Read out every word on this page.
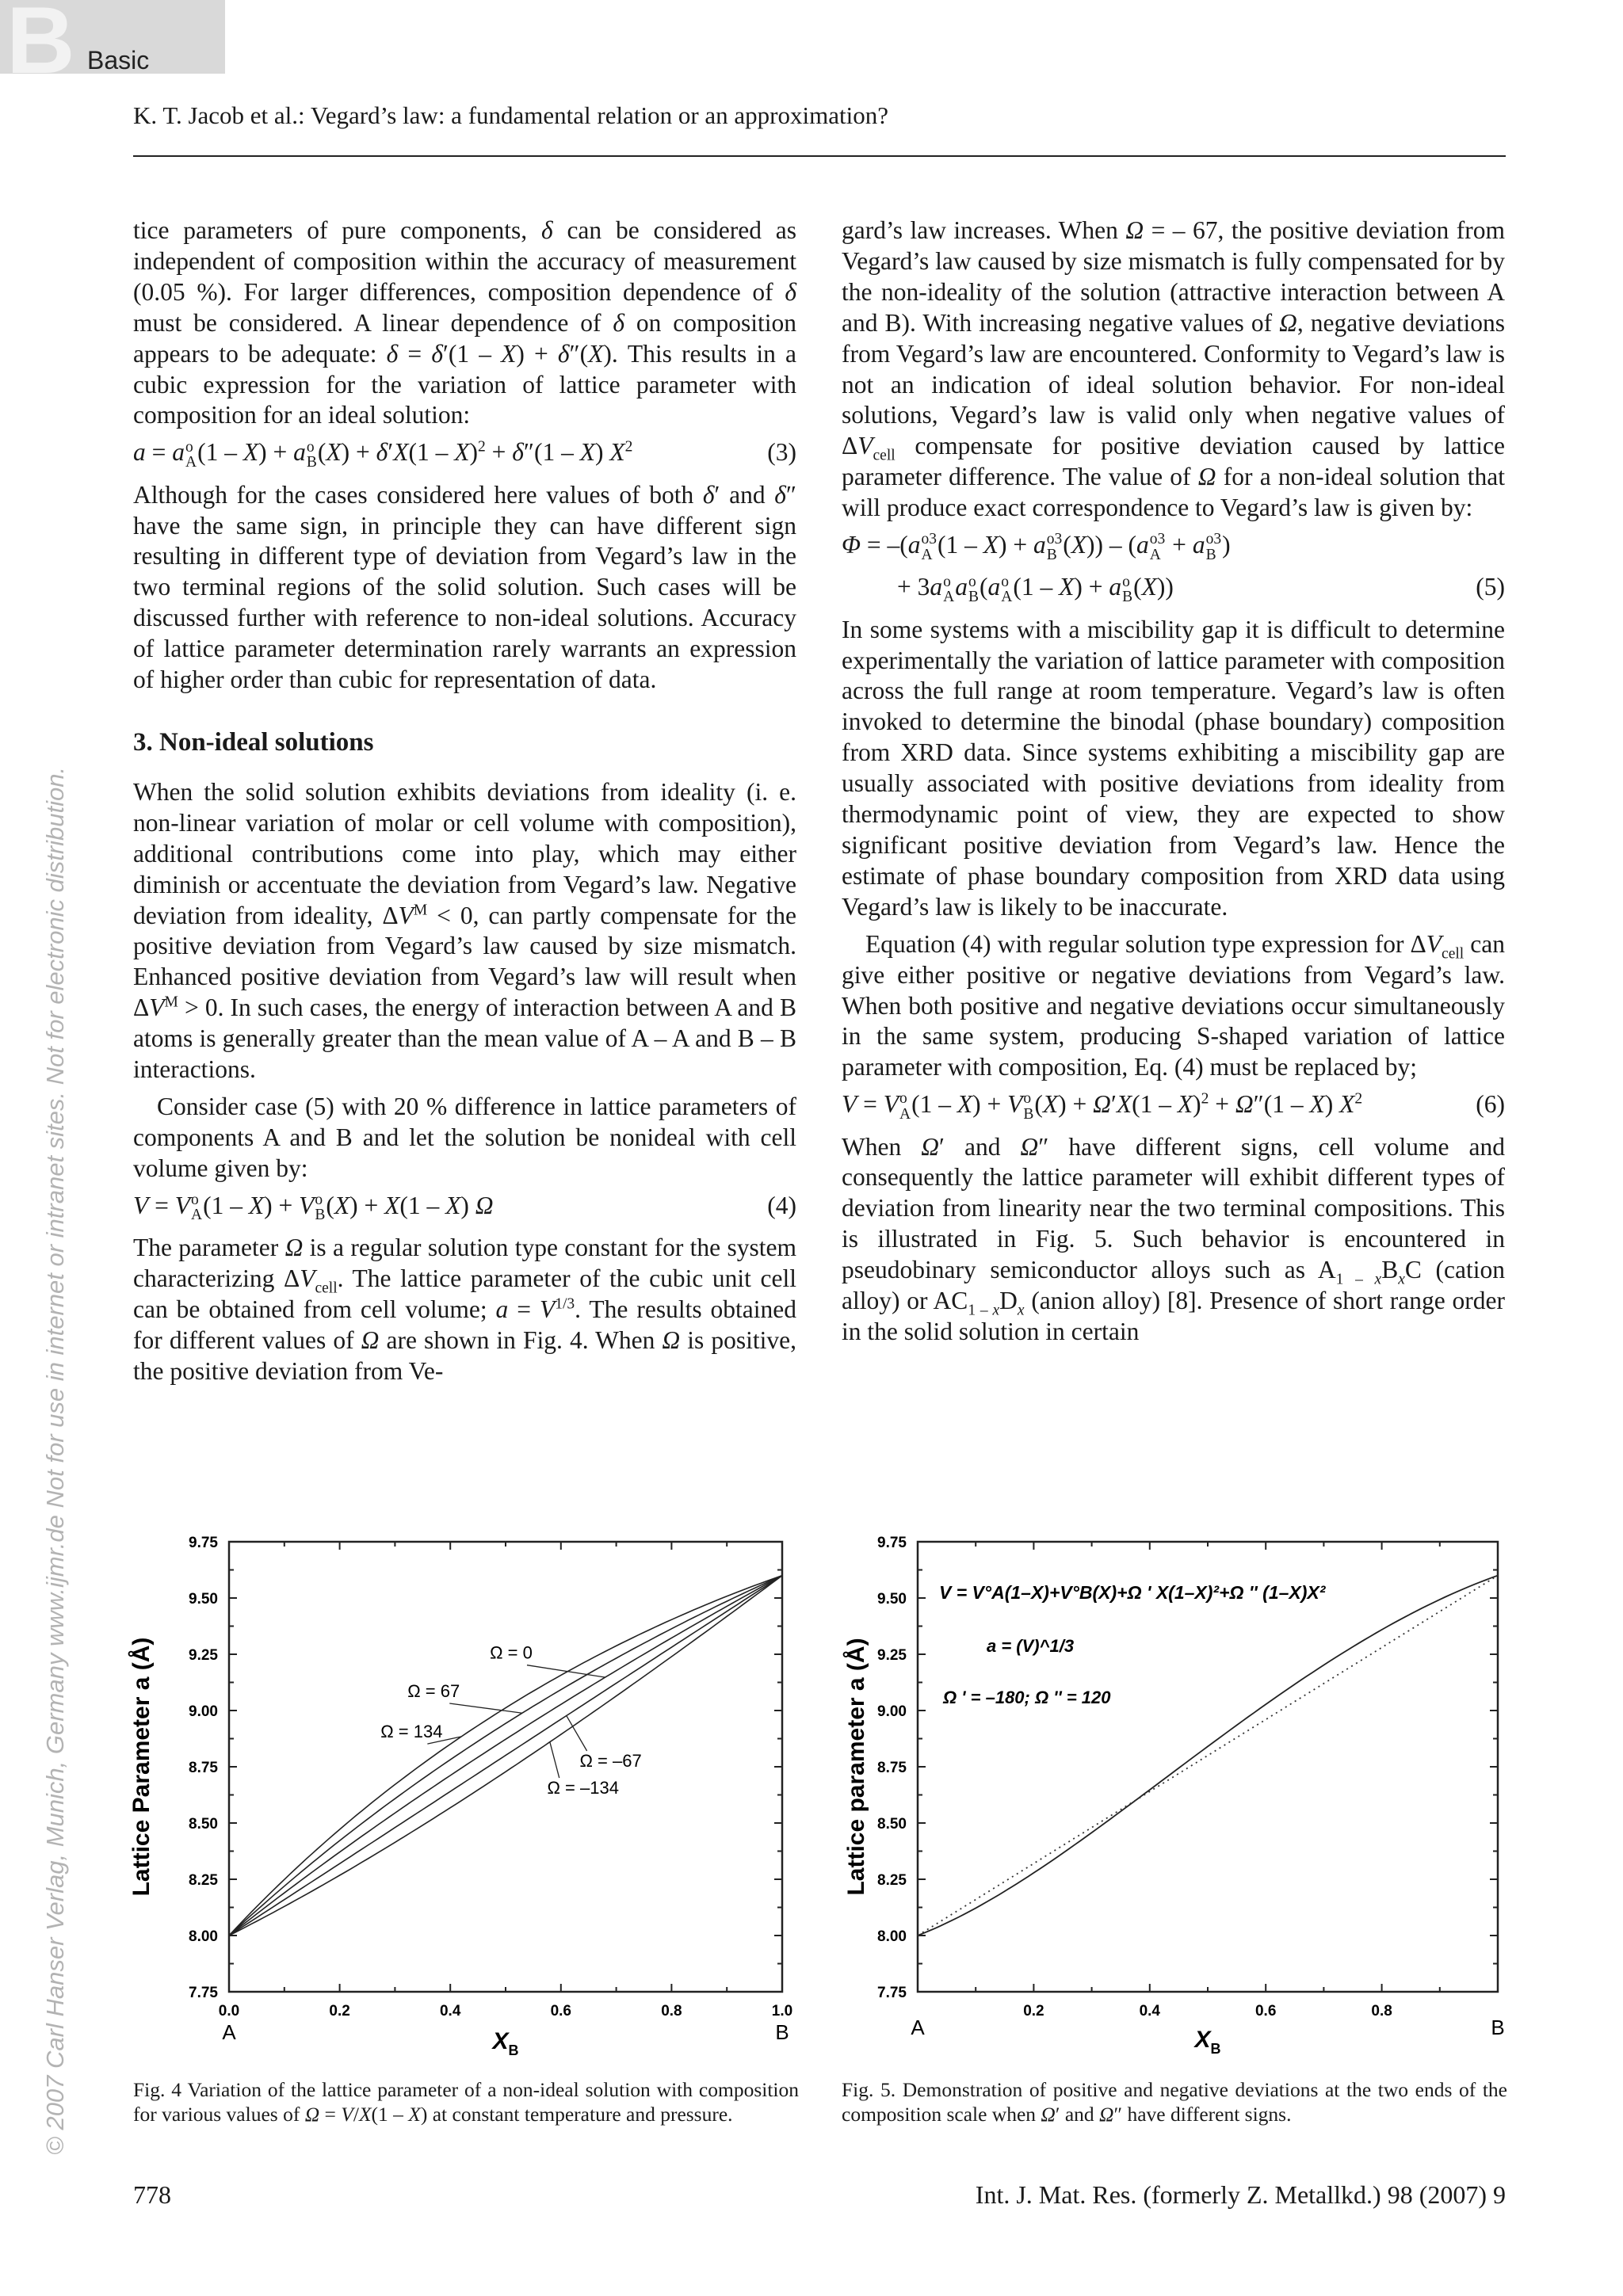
B Basic
K. T. Jacob et al.: Vegard’s law: a fundamental relation or an approximation?
© 2007 Carl Hanser Verlag, Munich, Germany www.ijmr.de Not for use in internet or intranet sites. Not for electronic distribution.

tice parameters of pure components, δ can be considered as independent of composition within the accuracy of measurement (0.05 %). For larger differences, composition dependence of δ must be considered. A linear dependence of δ on composition appears to be adequate: δ = δ′(1 – X) + δ″(X). This results in a cubic expression for the variation of lattice parameter with composition for an ideal solution:

a = a o
A (1 – X) + a o
B (X) + δ′X(1 – X)$^2$ + δ″(1 – X) $X^2$	(3)

Although for the cases considered here values of both δ′ and δ″ have the same sign, in principle they can have different sign resulting in different type of deviation from Vegard’s law in the two terminal regions of the solid solution. Such cases will be discussed further with reference to non-ideal solutions. Accuracy of lattice parameter determination rarely warrants an expression of higher order than cubic for representation of data.

3. Non-ideal solutions

When the solid solution exhibits deviations from ideality (i. e. non-linear variation of molar or cell volume with composition), additional contributions come into play, which may either diminish or accentuate the deviation from Vegard’s law. Negative deviation from ideality, $\Delta V^M < 0$, can partly compensate for the positive deviation from Vegard’s law caused by size mismatch. Enhanced positive deviation from Vegard’s law will result when $\Delta V^M > 0$. In such cases, the energy of interaction between A and B atoms is generally greater than the mean value of A – A and B – B interactions.

Consider case (5) with 20 % difference in lattice parameters of components A and B and let the solution be nonideal with cell volume given by:

V = V o
A (1 – X) + V o
B (X) + X(1 – X) Ω	(4)

The parameter Ω is a regular solution type constant for the system characterizing $\Delta V_{cell}$. The lattice parameter of the cubic unit cell can be obtained from cell volume; $a = V^{1/3}$. The results obtained for different values of Ω are shown in Fig. 4. When Ω is positive, the positive deviation from Ve-

gard’s law increases. When Ω = – 67, the positive deviation from Vegard’s law caused by size mismatch is fully compensated for by the non-ideality of the solution (attractive interaction between A and B). With increasing negative values of Ω, negative deviations from Vegard’s law are encountered. Conformity to Vegard’s law is not an indication of ideal solution behavior. For non-ideal solutions, Vegard’s law is valid only when negative values of $\Delta V_{cell}$ compensate for positive deviation caused by lattice parameter difference. The value of Ω for a non-ideal solution that will produce exact correspondence to Vegard’s law is given by:

Φ = –(a o3
A (1 – X) + a o3
B (X)) – (a o3
A + a o3
B )
+ 3a o
A a o
B (a o
A (1 – X) + a o
B (X))	(5)

In some systems with a miscibility gap it is difficult to determine experimentally the variation of lattice parameter with composition across the full range at room temperature. Vegard’s law is often invoked to determine the binodal (phase boundary) composition from XRD data. Since systems exhibiting a miscibility gap are usually associated with positive deviations from ideality from thermodynamic point of view, they are expected to show significant positive deviation from Vegard’s law. Hence the estimate of phase boundary composition from XRD data using Vegard’s law is likely to be inaccurate.

Equation (4) with regular solution type expression for $\Delta V_{cell}$ can give either positive or negative deviations from Vegard’s law. When both positive and negative deviations occur simultaneously in the same system, producing S-shaped variation of lattice parameter with composition, Eq. (4) must be replaced by;

V = V o
A (1 – X) + V o
B (X) + Ω′X(1 – X)$^2$ + Ω″(1 – X) $X^2$	(6)

When Ω′ and Ω″ have different signs, cell volume and consequently the lattice parameter will exhibit different types of deviation from linearity near the two terminal compositions. This is illustrated in Fig. 5. Such behavior is encountered in pseudobinary semiconductor alloys such as $A_{1 - x}B_xC$ (cation alloy) or $AC_{1 - x}D_x$ (anion alloy) [8]. Presence of short range order in the solid solution in certain

7.75
8.00
8.25
8.50
8.75
9.00
9.25
9.50
9.75
0.0	0.2	0.4	0.6	0.8	1.0
A	B
$X_B$
Lattice Parameter a (Å)	Ω = 134
Ω = 67
Ω = 0
Ω = –67
Ω = –134
7.75
8.00
8.25
8.50
8.75
9.00
9.25
9.50
9.75
0.2	0.4	0.6	0.8
A	B
$X_B$
Lattice parameter a (Å)
V = V°A(1–X)+V°B(X)+Ω ' X(1–X)²+Ω '' (1–X)X²
a = (V)^1/3
Ω ' = –180; Ω '' = 120
Fig. 4 Variation of the lattice parameter of a non-ideal solution with composition for various values of Ω = V/X(1 – X) at constant temperature and pressure.
Fig. 5. Demonstration of positive and negative deviations at the two ends of the composition scale when Ω′ and Ω″ have different signs.
778	Int. J. Mat. Res. (formerly Z. Metallkd.) 98 (2007) 9
